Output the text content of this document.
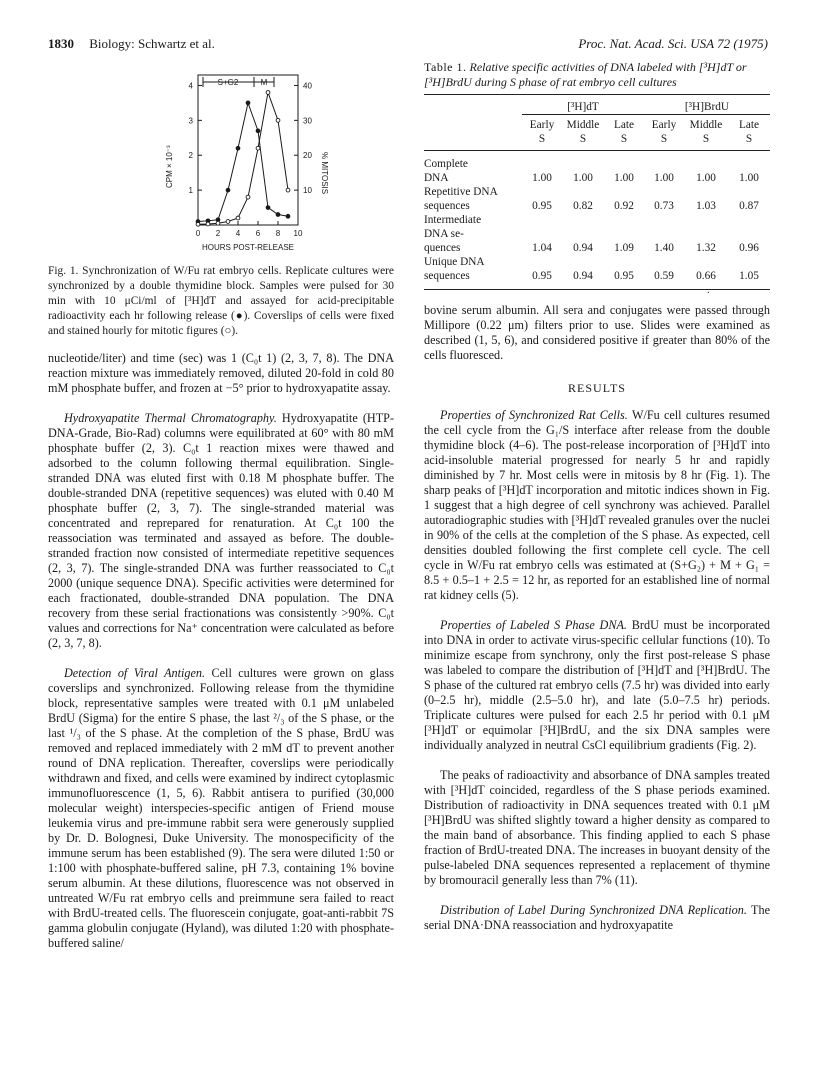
1830 Biology: Schwartz et al.	Proc. Nat. Acad. Sci. USA 72 (1975)
S+G2	M
CPM × 10⁻³	% MITOSIS
HOURS POST-RELEASE
4
3
2
1
40
30
20
10
0 2 4 6 8 10
Fig. 1. Synchronization of W/Fu rat embryo cells. Replicate cultures were synchronized by a double thymidine block. Samples were pulsed for 30 min with 10 μCi/ml of [³H]dT and assayed for acid-precipitable radioactivity each hr following release (●). Coverslips of cells were fixed and stained hourly for mitotic figures (○).

nucleotide/liter) and time (sec) was 1 (C₀t 1) (2, 3, 7, 8). The DNA reaction mixture was immediately removed, diluted 20-fold in cold 80 mM phosphate buffer, and frozen at −5° prior to hydroxyapatite assay.

Hydroxyapatite Thermal Chromatography. Hydroxyapatite (HTP-DNA-Grade, Bio-Rad) columns were equilibrated at 60° with 80 mM phosphate buffer (2, 3). C₀t 1 reaction mixes were thawed and adsorbed to the column following thermal equilibration. Single-stranded DNA was eluted first with 0.18 M phosphate buffer. The double-stranded DNA (repetitive sequences) was eluted with 0.40 M phosphate buffer (2, 3, 7). The single-stranded material was concentrated and reprepared for renaturation. At C₀t 100 the reassociation was terminated and assayed as before. The double-stranded fraction now consisted of intermediate repetitive sequences (2, 3, 7). The single-stranded DNA was further reassociated to C₀t 2000 (unique sequence DNA). Specific activities were determined for each fractionated, double-stranded DNA population. The DNA recovery from these serial fractionations was consistently >90%. C₀t values and corrections for Na⁺ concentration were calculated as before (2, 3, 7, 8).

Detection of Viral Antigen. Cell cultures were grown on glass coverslips and synchronized. Following release from the thymidine block, representative samples were treated with 0.1 μM unlabeled BrdU (Sigma) for the entire S phase, the last ²/₃ of the S phase, or the last ¹/₃ of the S phase. At the completion of the S phase, BrdU was removed and replaced immediately with 2 mM dT to prevent another round of DNA replication. Thereafter, coverslips were periodically withdrawn and fixed, and cells were examined by indirect cytoplasmic immunofluorescence (1, 5, 6). Rabbit antisera to purified (30,000 molecular weight) interspecies-specific antigen of Friend mouse leukemia virus and pre-immune rabbit sera were generously supplied by Dr. D. Bolognesi, Duke University. The monospecificity of the immune serum has been established (9). The sera were diluted 1:50 or 1:100 with phosphate-buffered saline, pH 7.3, containing 1% bovine serum albumin. At these dilutions, fluorescence was not observed in untreated W/Fu rat embryo cells and preimmune sera failed to react with BrdU-treated cells. The fluorescein conjugate, goat-anti-rabbit 7S gamma globulin conjugate (Hyland), was diluted 1:20 with phosphate-buffered saline/

Table 1. Relative specific activities of DNA labeled with [³H]dT or [³H]BrdU during S phase of rat embryo cell cultures
	[³H]dT			[³H]BrdU		
	Early
S	Middle
S	Late
S	Early
S	Middle
S	Late
S
Complete						
DNA	1.00	1.00	1.00	1.00	1.00	1.00
Repetitive DNA						
sequences	0.95	0.82	0.92	0.73	1.03	0.87
Intermediate						
DNA se-						
quences	1.04	0.94	1.09	1.40	1.32	0.96
Unique DNA						
sequences	0.95	0.94	0.95	0.59	0.66	1.05
·

bovine serum albumin. All sera and conjugates were passed through Millipore (0.22 μm) filters prior to use. Slides were examined as described (1, 5, 6), and considered positive if greater than 80% of the cells fluoresced.

RESULTS

Properties of Synchronized Rat Cells. W/Fu cell cultures resumed the cell cycle from the G₁/S interface after release from the double thymidine block (4–6). The post-release incorporation of [³H]dT into acid-insoluble material progressed for nearly 5 hr and rapidly diminished by 7 hr. Most cells were in mitosis by 8 hr (Fig. 1). The sharp peaks of [³H]dT incorporation and mitotic indices shown in Fig. 1 suggest that a high degree of cell synchrony was achieved. Parallel autoradiographic studies with [³H]dT revealed granules over the nuclei in 90% of the cells at the completion of the S phase. As expected, cell densities doubled following the first complete cell cycle. The cell cycle in W/Fu rat embryo cells was estimated at (S+G₂) + M + G₁ = 8.5 + 0.5–1 + 2.5 = 12 hr, as reported for an established line of normal rat kidney cells (5).

Properties of Labeled S Phase DNA. BrdU must be incorporated into DNA in order to activate virus-specific cellular functions (10). To minimize escape from synchrony, only the first post-release S phase was labeled to compare the distribution of [³H]dT and [³H]BrdU. The S phase of the cultured rat embryo cells (7.5 hr) was divided into early (0–2.5 hr), middle (2.5–5.0 hr), and late (5.0–7.5 hr) periods. Triplicate cultures were pulsed for each 2.5 hr period with 0.1 μM [³H]dT or equimolar [³H]BrdU, and the six DNA samples were individually analyzed in neutral CsCl equilibrium gradients (Fig. 2).

The peaks of radioactivity and absorbance of DNA samples treated with [³H]dT coincided, regardless of the S phase periods examined. Distribution of radioactivity in DNA sequences treated with 0.1 μM [³H]BrdU was shifted slightly toward a higher density as compared to the main band of absorbance. This finding applied to each S phase fraction of BrdU-treated DNA. The increases in buoyant density of the pulse-labeled DNA sequences represented a replacement of thymine by bromouracil generally less than 7% (11).

Distribution of Label During Synchronized DNA Replication. The serial DNA·DNA reassociation and hydroxyapatite
